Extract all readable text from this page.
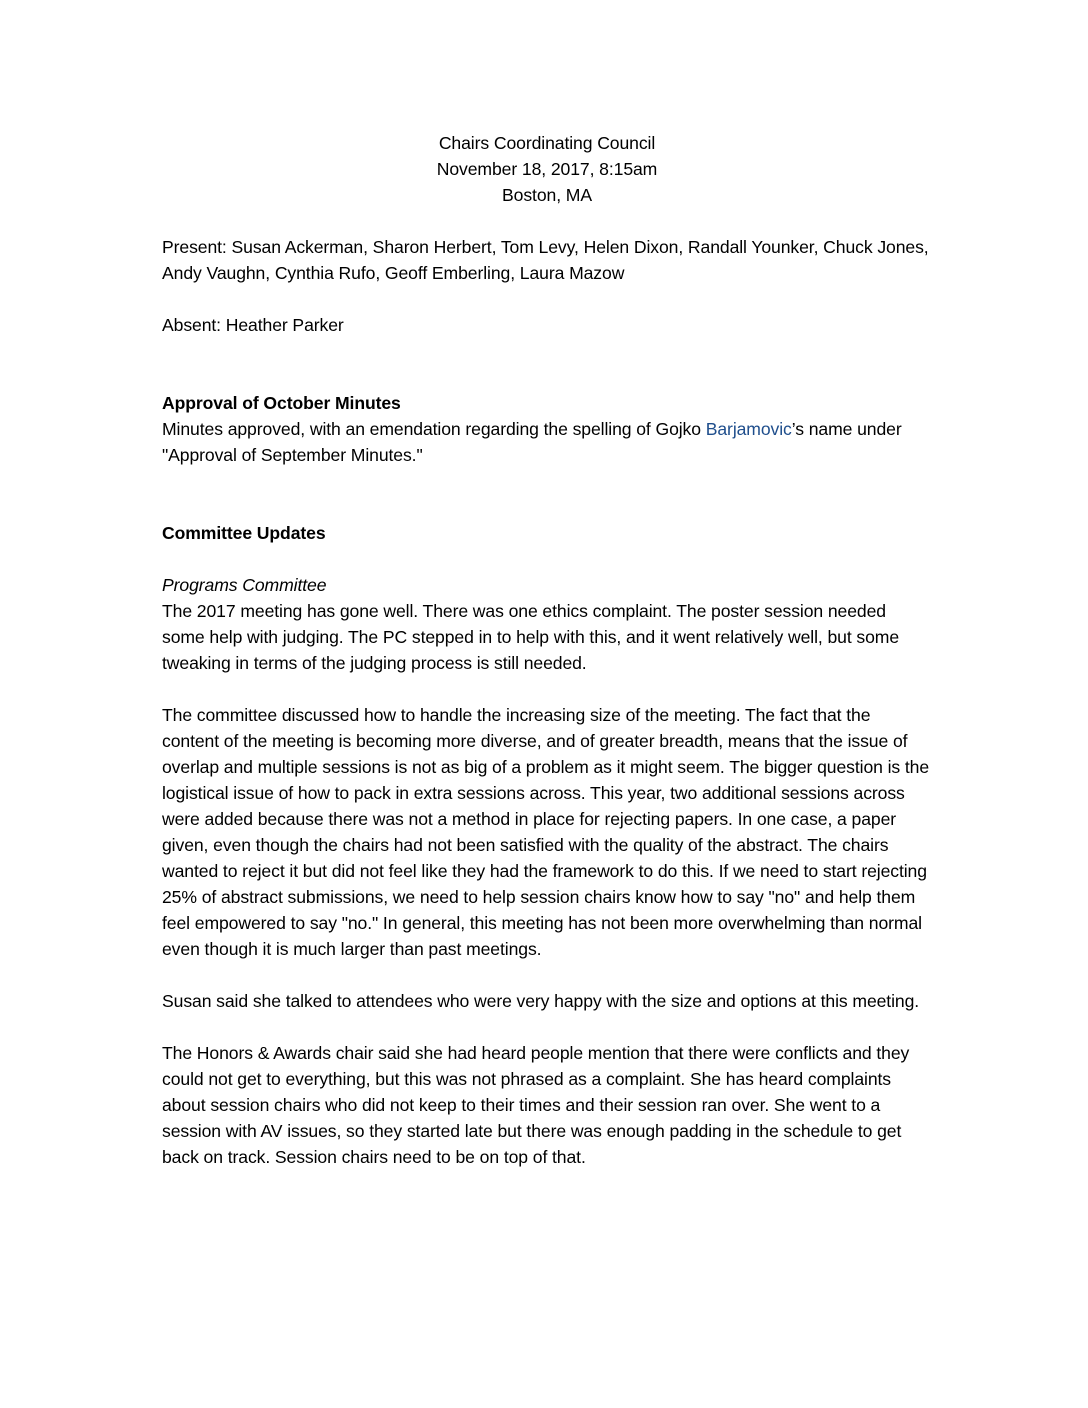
Chairs Coordinating Council
November 18, 2017, 8:15am
Boston, MA

Present: Susan Ackerman, Sharon Herbert, Tom Levy, Helen Dixon, Randall Younker, Chuck Jones, Andy Vaughn, Cynthia Rufo, Geoff Emberling, Laura Mazow

Absent: Heather Parker

Approval of October Minutes

Minutes approved, with an emendation regarding the spelling of Gojko Barjamovic’s name under "Approval of September Minutes."

Committee Updates

Programs Committee

The 2017 meeting has gone well. There was one ethics complaint. The poster session needed some help with judging. The PC stepped in to help with this, and it went relatively well, but some tweaking in terms of the judging process is still needed.

The committee discussed how to handle the increasing size of the meeting. The fact that the content of the meeting is becoming more diverse, and of greater breadth, means that the issue of overlap and multiple sessions is not as big of a problem as it might seem. The bigger question is the logistical issue of how to pack in extra sessions across. This year, two additional sessions across were added because there was not a method in place for rejecting papers. In one case, a paper given, even though the chairs had not been satisfied with the quality of the abstract. The chairs wanted to reject it but did not feel like they had the framework to do this. If we need to start rejecting 25% of abstract submissions, we need to help session chairs know how to say "no" and help them feel empowered to say "no." In general, this meeting has not been more overwhelming than normal even though it is much larger than past meetings.

Susan said she talked to attendees who were very happy with the size and options at this meeting.

The Honors & Awards chair said she had heard people mention that there were conflicts and they could not get to everything, but this was not phrased as a complaint. She has heard complaints about session chairs who did not keep to their times and their session ran over. She went to a session with AV issues, so they started late but there was enough padding in the schedule to get back on track. Session chairs need to be on top of that.
